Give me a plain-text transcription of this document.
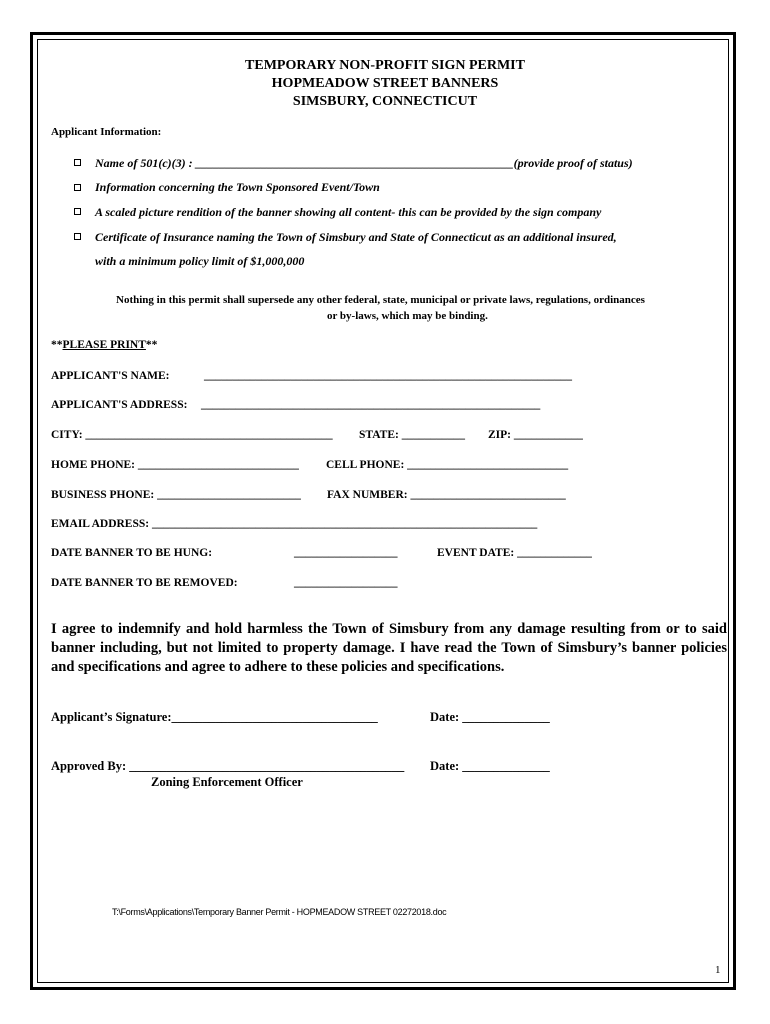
TEMPORARY NON-PROFIT SIGN PERMIT
HOPMEADOW STREET BANNERS
SIMSBURY, CONNECTICUT
Applicant Information:
Name of 501(c)(3) : _____________________________________________________(provide proof of status)
Information concerning the Town Sponsored Event/Town
A scaled picture rendition of the banner showing all content- this can be provided by the sign company
Certificate of Insurance naming the Town of Simsbury and State of Connecticut as an additional insured,
with a minimum policy limit of $1,000,000
Nothing in this permit shall supersede any other federal, state, municipal or private laws, regulations, ordinances
or by-laws, which may be binding.
**PLEASE PRINT**
APPLICANT'S NAME:	________________________________________________________________
APPLICANT'S ADDRESS: ___________________________________________________________
CITY: ___________________________________________ STATE: ___________ ZIP: ____________
HOME PHONE: ____________________________ CELL PHONE: ____________________________
BUSINESS PHONE: _________________________ FAX NUMBER: ___________________________
EMAIL ADDRESS: ___________________________________________________________________
DATE BANNER TO BE HUNG:	__________________	EVENT DATE: _____________
DATE BANNER TO BE REMOVED:	__________________
I agree to indemnify and hold harmless the Town of Simsbury from any damage resulting from or to said banner including, but not limited to property damage. I have read the Town of Simsbury’s banner policies and specifications and agree to adhere to these policies and specifications.
Applicant’s Signature:_________________________________	Date: ______________
Approved By: ____________________________________________ Date: ______________
Zoning Enforcement Officer
T:\Forms\Applications\Temporary Banner Permit - HOPMEADOW STREET 02272018.doc
1
